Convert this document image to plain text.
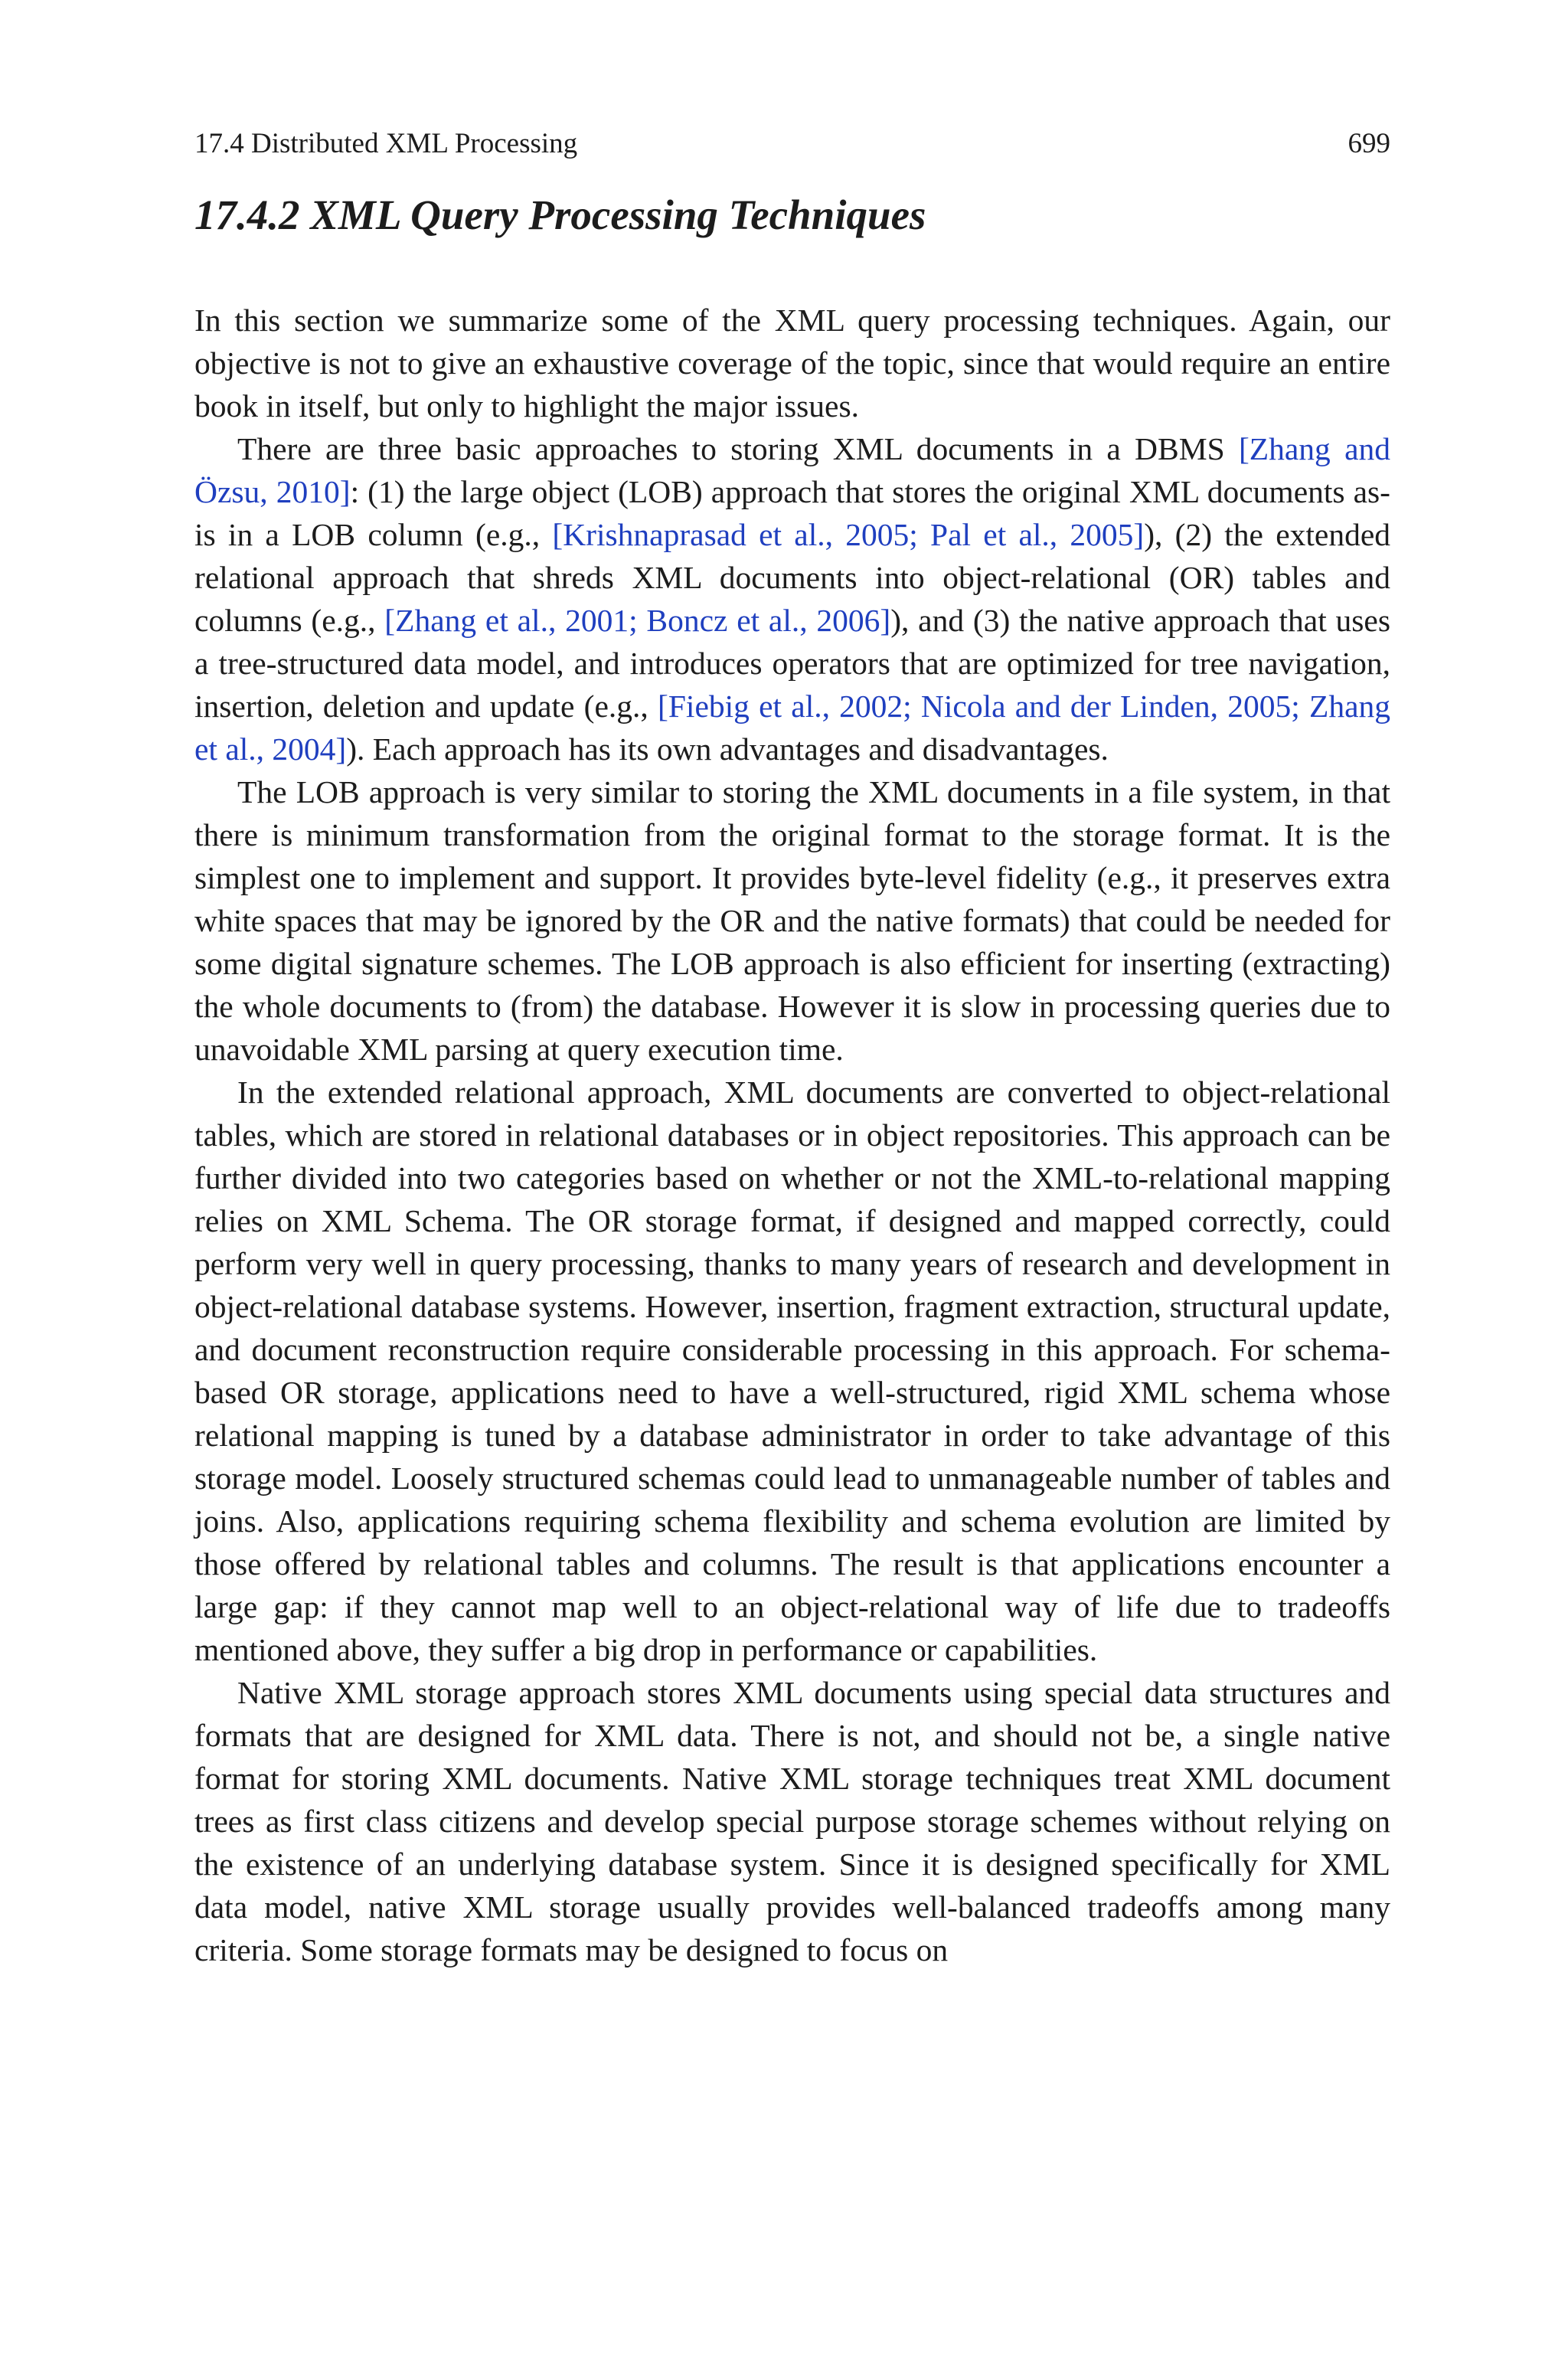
17.4 Distributed XML Processing	699
17.4.2 XML Query Processing Techniques

In this section we summarize some of the XML query processing techniques. Again, our objective is not to give an exhaustive coverage of the topic, since that would require an entire book in itself, but only to highlight the major issues.

There are three basic approaches to storing XML documents in a DBMS [Zhang and Özsu, 2010]: (1) the large object (LOB) approach that stores the original XML documents as-is in a LOB column (e.g., [Krishnaprasad et al., 2005; Pal et al., 2005]), (2) the extended relational approach that shreds XML documents into object-relational (OR) tables and columns (e.g., [Zhang et al., 2001; Boncz et al., 2006]), and (3) the native approach that uses a tree-structured data model, and introduces operators that are optimized for tree navigation, insertion, deletion and update (e.g., [Fiebig et al., 2002; Nicola and der Linden, 2005; Zhang et al., 2004]). Each approach has its own advantages and disadvantages.

The LOB approach is very similar to storing the XML documents in a file system, in that there is minimum transformation from the original format to the storage format. It is the simplest one to implement and support. It provides byte-level fidelity (e.g., it preserves extra white spaces that may be ignored by the OR and the native formats) that could be needed for some digital signature schemes. The LOB approach is also efficient for inserting (extracting) the whole documents to (from) the database. However it is slow in processing queries due to unavoidable XML parsing at query execution time.

In the extended relational approach, XML documents are converted to object-relational tables, which are stored in relational databases or in object repositories. This approach can be further divided into two categories based on whether or not the XML-to-relational mapping relies on XML Schema. The OR storage format, if designed and mapped correctly, could perform very well in query processing, thanks to many years of research and development in object-relational database systems. However, insertion, fragment extraction, structural update, and document reconstruction require considerable processing in this approach. For schema-based OR storage, applications need to have a well-structured, rigid XML schema whose relational mapping is tuned by a database administrator in order to take advantage of this storage model. Loosely structured schemas could lead to unmanageable number of tables and joins. Also, applications requiring schema flexibility and schema evolution are limited by those offered by relational tables and columns. The result is that applications encounter a large gap: if they cannot map well to an object-relational way of life due to tradeoffs mentioned above, they suffer a big drop in performance or capabilities.

Native XML storage approach stores XML documents using special data structures and formats that are designed for XML data. There is not, and should not be, a single native format for storing XML documents. Native XML storage techniques treat XML document trees as first class citizens and develop special purpose storage schemes without relying on the existence of an underlying database system. Since it is designed specifically for XML data model, native XML storage usually provides well-balanced tradeoffs among many criteria. Some storage formats may be designed to focus on
